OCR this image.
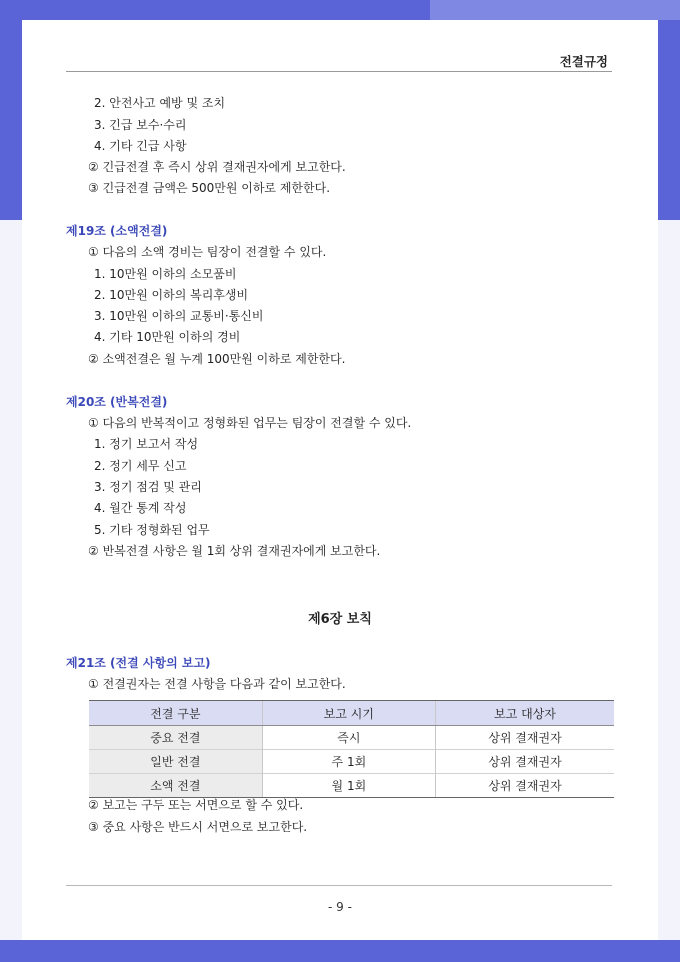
전결규정
2. 안전사고 예방 및 조치
3. 긴급 보수·수리
4. 기타 긴급 사항
② 긴급전결 후 즉시 상위 결재권자에게 보고한다.
③ 긴급전결 금액은 500만원 이하로 제한한다.
제19조 (소액전결)
① 다음의 소액 경비는 팀장이 전결할 수 있다.
1. 10만원 이하의 소모품비
2. 10만원 이하의 복리후생비
3. 10만원 이하의 교통비·통신비
4. 기타 10만원 이하의 경비
② 소액전결은 월 누계 100만원 이하로 제한한다.
제20조 (반복전결)
① 다음의 반복적이고 정형화된 업무는 팀장이 전결할 수 있다.
1. 정기 보고서 작성
2. 정기 세무 신고
3. 정기 점검 및 관리
4. 월간 통계 작성
5. 기타 정형화된 업무
② 반복전결 사항은 월 1회 상위 결재권자에게 보고한다.
제6장 보칙
제21조 (전결 사항의 보고)
① 전결권자는 전결 사항을 다음과 같이 보고한다.
전결 구분	보고 시기	보고 대상자
중요 전결	즉시	상위 결재권자
일반 전결	주 1회	상위 결재권자
소액 전결	월 1회	상위 결재권자
② 보고는 구두 또는 서면으로 할 수 있다.
③ 중요 사항은 반드시 서면으로 보고한다.
- 9 -
